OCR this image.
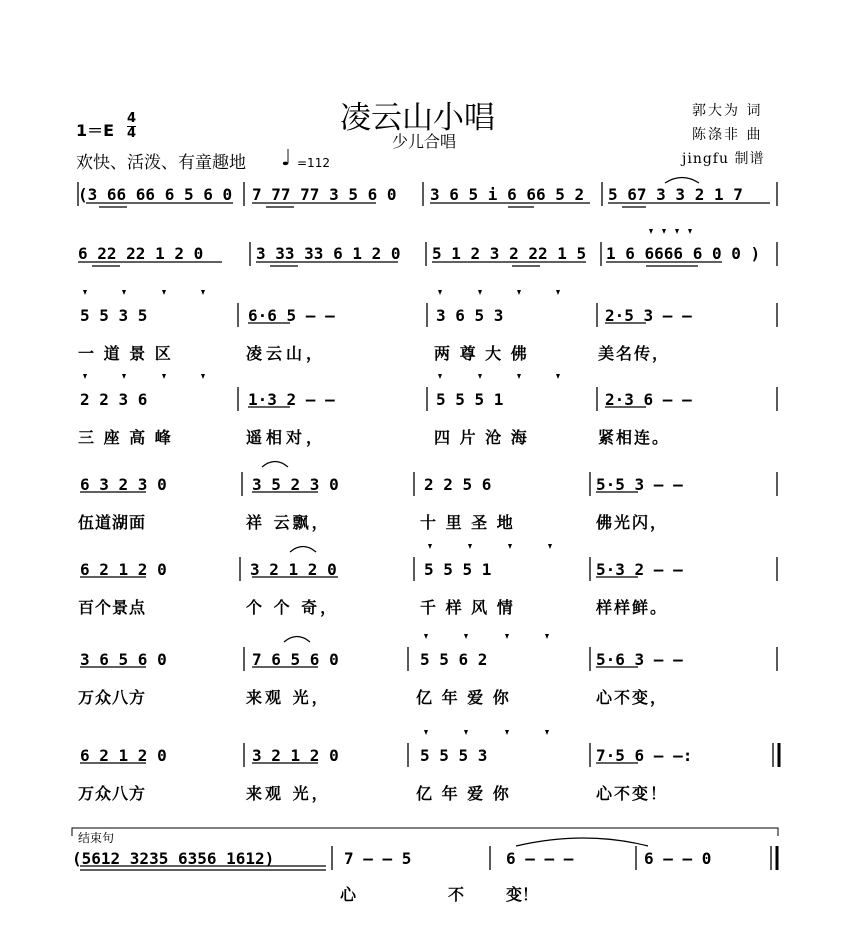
凌云山小唱
少儿合唱
1＝E
4
4
欢快、活泼、有童趣地 ♩ =112
郭大为 词
陈涤非 曲
jingfu 制谱
(3 66 66 6 5 6 0 7 77 77 3 5 6 0 3 6 5 i 6 66 5 2 5 67 3 3 2 1 7
6 22 22 1 2 0	3 33 33 6 1 2 0 5 1 2 3 2 22 1 5 1 6 6666 6 0 0 )
5 5 3 5	6·6 5 – –	3 6 5 3	2·5 3 – –
一 道 景 区	凌云山，	两 尊 大 佛	美名传，
2 2 3 6	1·3 2 – –	5 5 5 1	2·3 6 – –
三 座 高 峰	遥相对，	四 片 沧 海	紧相连。
6 3 2 3 0	3 5 2 3 0	2 2 5 6	5·5 3 – –
伍道湖面	祥 云飘，	十 里 圣 地	佛光闪，
6 2 1 2 0	3 2 1 2 0	5 5 5 1	5·3 2 – –
百个景点	个 个 奇，	千 样 风 情	样样鲜。
3 6 5 6 0	7 6 5 6 0	5 5 6 2	5·6 3 – –
万众八方	来观 光，	亿 年 爱 你	心不变，
6 2 1 2 0	3 2 1 2 0	5 5 5 3	7·5 6 – –:
万众八方	来观 光，	亿 年 爱 你	心不变！
结束句
(5612 3235 6356 1612)	7 – – 5	6 – – –	6 – – 0
心	不	变！
